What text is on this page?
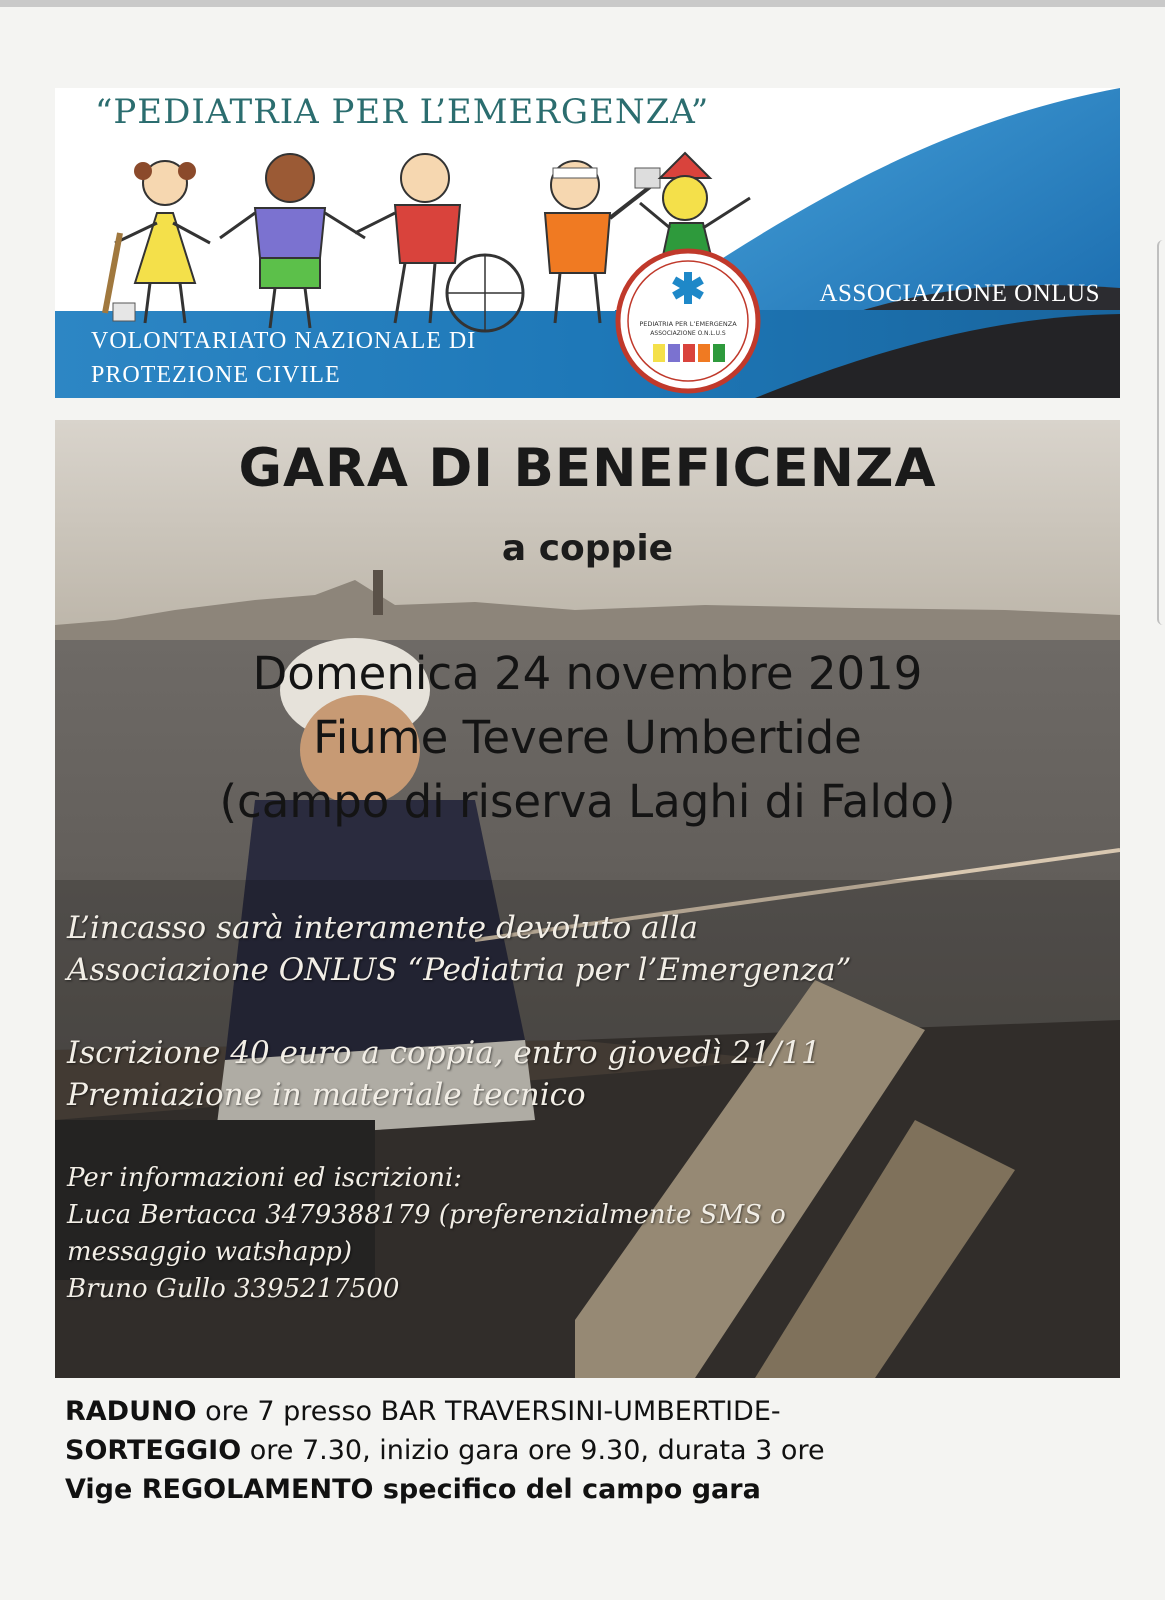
“PEDIATRIA PER L’EMERGENZA”
PEDIATRIA PER L’EMERGENZA
ASSOCIAZIONE O.N.L.U.S
ASSOCIAZIONE ONLUS
VOLONTARIATO NAZIONALE DI
PROTEZIONE CIVILE
GARA DI BENEFICENZA
a coppie
Domenica 24 novembre 2019
Fiume Tevere Umbertide
(campo di riserva Laghi di Faldo)
L’incasso sarà interamente devoluto alla
Associazione ONLUS “Pediatria per l’Emergenza”
Iscrizione 40 euro a coppia, entro giovedì 21/11
Premiazione in materiale tecnico
Per informazioni ed iscrizioni:
Luca Bertacca 3479388179 (preferenzialmente SMS o
messaggio watshapp)
Bruno Gullo 3395217500
RADUNO ore 7 presso BAR TRAVERSINI-UMBERTIDE-
SORTEGGIO ore 7.30, inizio gara ore 9.30, durata 3 ore
Vige REGOLAMENTO specifico del campo gara
